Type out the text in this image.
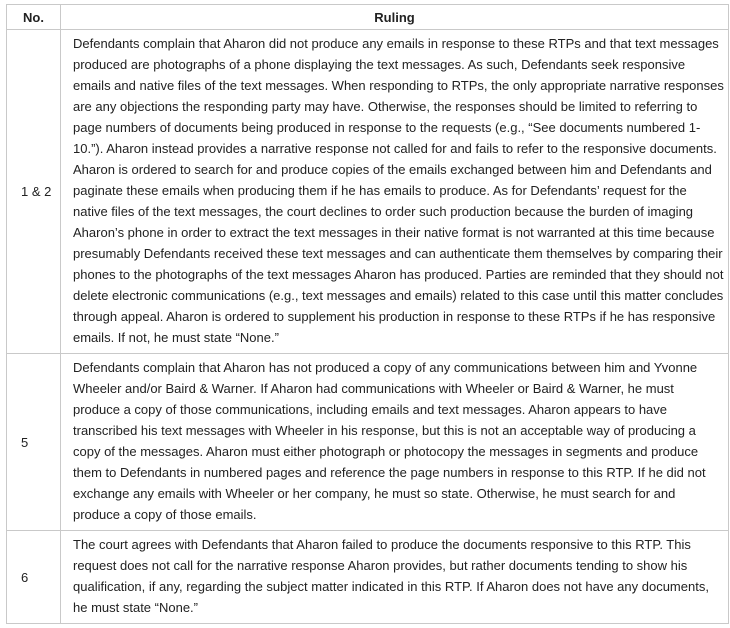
No.	Ruling
1 & 2	Defendants complain that Aharon did not produce any emails in response to these RTPs and that text messages produced are photographs of a phone displaying the text messages. As such, Defendants seek responsive emails and native files of the text messages. When responding to RTPs, the only appropriate narrative responses are any objections the responding party may have. Otherwise, the responses should be limited to referring to page numbers of documents being produced in response to the requests (e.g., “See documents numbered 1-10.”). Aharon instead provides a narrative response not called for and fails to refer to the responsive documents. Aharon is ordered to search for and produce copies of the emails exchanged between him and Defendants and paginate these emails when producing them if he has emails to produce. As for Defendants’ request for the native files of the text messages, the court declines to order such production because the burden of imaging Aharon’s phone in order to extract the text messages in their native format is not warranted at this time because presumably Defendants received these text messages and can authenticate them themselves by comparing their phones to the photographs of the text messages Aharon has produced. Parties are reminded that they should not delete electronic communications (e.g., text messages and emails) related to this case until this matter concludes through appeal. Aharon is ordered to supplement his production in response to these RTPs if he has responsive emails. If not, he must state “None.”
5	Defendants complain that Aharon has not produced a copy of any communications between him and Yvonne Wheeler and/or Baird & Warner. If Aharon had communications with Wheeler or Baird & Warner, he must produce a copy of those communications, including emails and text messages. Aharon appears to have transcribed his text messages with Wheeler in his response, but this is not an acceptable way of producing a copy of the messages. Aharon must either photograph or photocopy the messages in segments and produce them to Defendants in numbered pages and reference the page numbers in response to this RTP. If he did not exchange any emails with Wheeler or her company, he must so state. Otherwise, he must search for and produce a copy of those emails.
6	The court agrees with Defendants that Aharon failed to produce the documents responsive to this RTP. This request does not call for the narrative response Aharon provides, but rather documents tending to show his qualification, if any, regarding the subject matter indicated in this RTP. If Aharon does not have any documents, he must state “None.”
